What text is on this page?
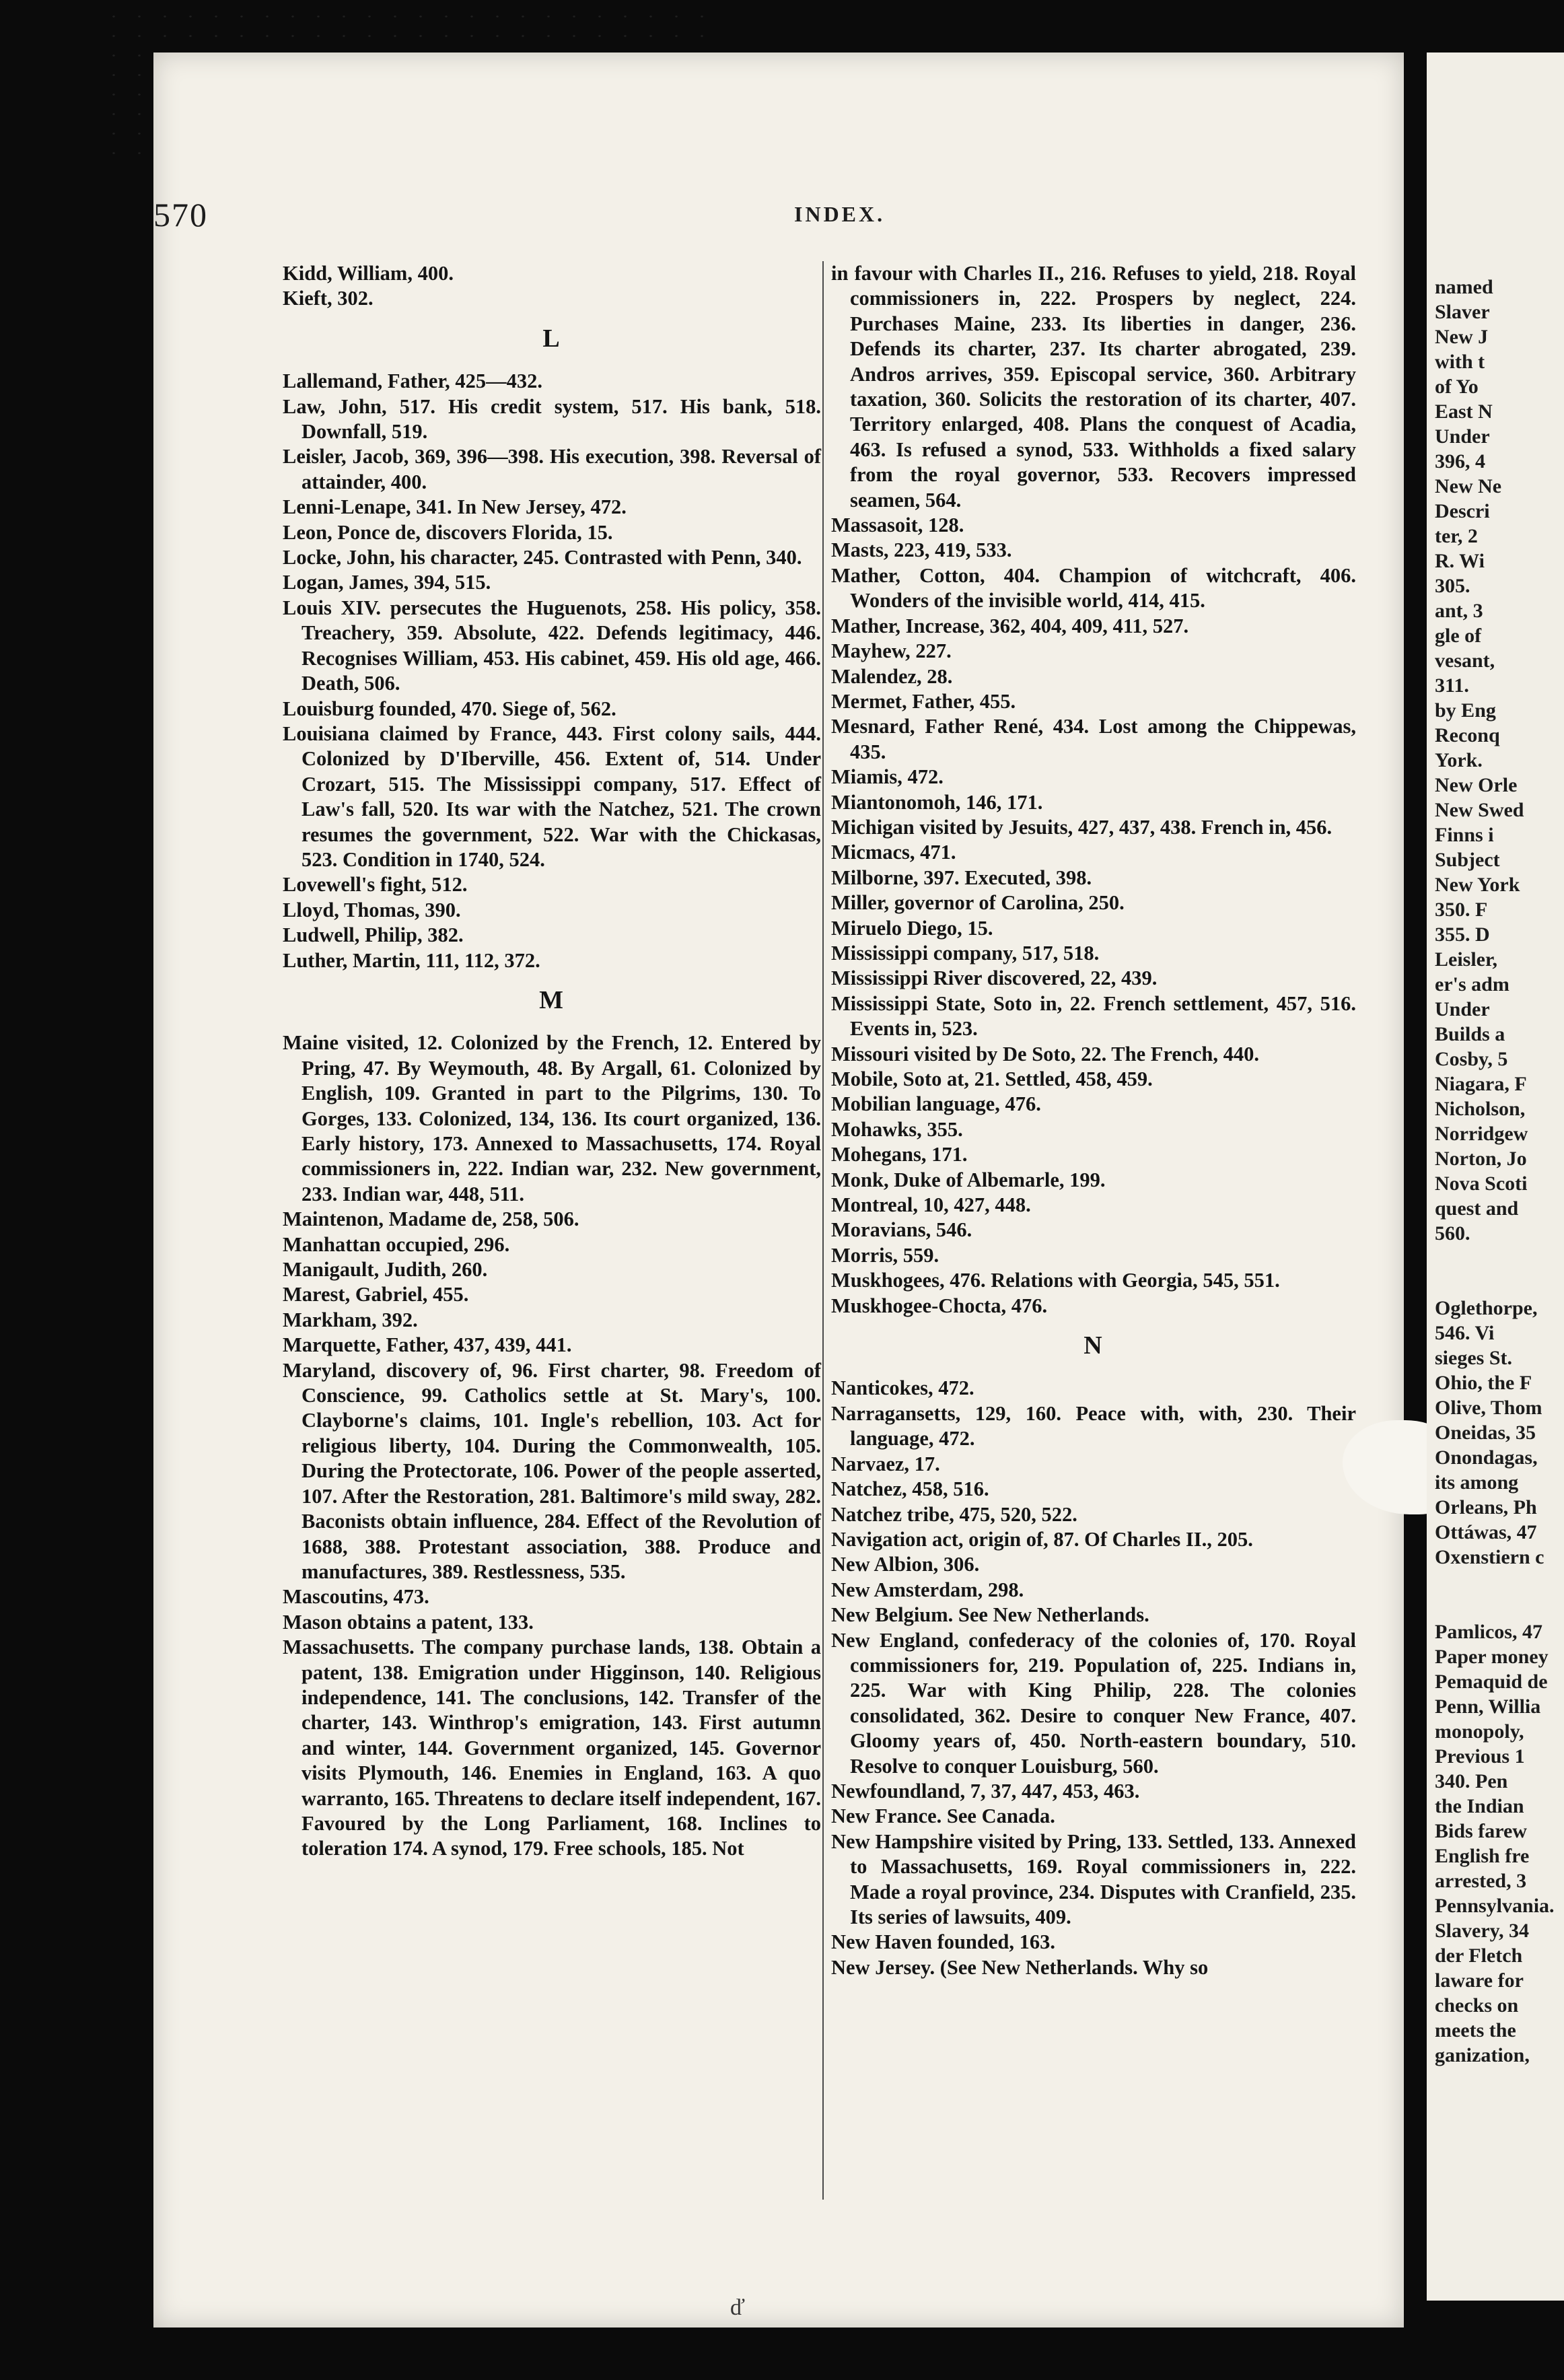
570	INDEX.

Kidd, William, 400.

Kieft, 302.

L

Lallemand, Father, 425—432.

Law, John, 517. His credit system, 517. His bank, 518. Downfall, 519.

Leisler, Jacob, 369, 396—398. His execution, 398. Reversal of attainder, 400.

Lenni-Lenape, 341. In New Jersey, 472.

Leon, Ponce de, discovers Florida, 15.

Locke, John, his character, 245. Contrasted with Penn, 340.

Logan, James, 394, 515.

Louis XIV. persecutes the Huguenots, 258. His policy, 358. Treachery, 359. Absolute, 422. Defends legitimacy, 446. Recognises William, 453. His cabinet, 459. His old age, 466. Death, 506.

Louisburg founded, 470. Siege of, 562.

Louisiana claimed by France, 443. First colony sails, 444. Colonized by D'Iberville, 456. Extent of, 514. Under Crozart, 515. The Mississippi company, 517. Effect of Law's fall, 520. Its war with the Natchez, 521. The crown resumes the government, 522. War with the Chickasas, 523. Condition in 1740, 524.

Lovewell's fight, 512.

Lloyd, Thomas, 390.

Ludwell, Philip, 382.

Luther, Martin, 111, 112, 372.

M

Maine visited, 12. Colonized by the French, 12. Entered by Pring, 47. By Weymouth, 48. By Argall, 61. Colonized by English, 109. Granted in part to the Pilgrims, 130. To Gorges, 133. Colonized, 134, 136. Its court organized, 136. Early history, 173. Annexed to Massachusetts, 174. Royal commissioners in, 222. Indian war, 232. New government, 233. Indian war, 448, 511.

Maintenon, Madame de, 258, 506.

Manhattan occupied, 296.

Manigault, Judith, 260.

Marest, Gabriel, 455.

Markham, 392.

Marquette, Father, 437, 439, 441.

Maryland, discovery of, 96. First charter, 98. Freedom of Conscience, 99. Catholics settle at St. Mary's, 100. Clayborne's claims, 101. Ingle's rebellion, 103. Act for religious liberty, 104. During the Commonwealth, 105. During the Protectorate, 106. Power of the people asserted, 107. After the Restoration, 281. Baltimore's mild sway, 282. Baconists obtain influence, 284. Effect of the Revolution of 1688, 388. Protestant association, 388. Produce and manufactures, 389. Restlessness, 535.

Mascoutins, 473.

Mason obtains a patent, 133.

Massachusetts. The company purchase lands, 138. Obtain a patent, 138. Emigration under Higginson, 140. Religious independence, 141. The conclusions, 142. Transfer of the charter, 143. Winthrop's emigration, 143. First autumn and winter, 144. Government organized, 145. Governor visits Plymouth, 146. Enemies in England, 163. A quo warranto, 165. Threatens to declare itself independent, 167. Favoured by the Long Parliament, 168. Inclines to toleration 174. A synod, 179. Free schools, 185. Not

in favour with Charles II., 216. Refuses to yield, 218. Royal commissioners in, 222. Prospers by neglect, 224. Purchases Maine, 233. Its liberties in danger, 236. Defends its charter, 237. Its charter abrogated, 239. Andros arrives, 359. Episcopal service, 360. Arbitrary taxation, 360. Solicits the restoration of its charter, 407. Territory enlarged, 408. Plans the conquest of Acadia, 463. Is refused a synod, 533. Withholds a fixed salary from the royal governor, 533. Recovers impressed seamen, 564.

Massasoit, 128.

Masts, 223, 419, 533.

Mather, Cotton, 404. Champion of witchcraft, 406. Wonders of the invisible world, 414, 415.

Mather, Increase, 362, 404, 409, 411, 527.

Mayhew, 227.

Malendez, 28.

Mermet, Father, 455.

Mesnard, Father René, 434. Lost among the Chippewas, 435.

Miamis, 472.

Miantonomoh, 146, 171.

Michigan visited by Jesuits, 427, 437, 438. French in, 456.

Micmacs, 471.

Milborne, 397. Executed, 398.

Miller, governor of Carolina, 250.

Miruelo Diego, 15.

Mississippi company, 517, 518.

Mississippi River discovered, 22, 439.

Mississippi State, Soto in, 22. French settlement, 457, 516. Events in, 523.

Missouri visited by De Soto, 22. The French, 440.

Mobile, Soto at, 21. Settled, 458, 459.

Mobilian language, 476.

Mohawks, 355.

Mohegans, 171.

Monk, Duke of Albemarle, 199.

Montreal, 10, 427, 448.

Moravians, 546.

Morris, 559.

Muskhogees, 476. Relations with Georgia, 545, 551.

Muskhogee-Chocta, 476.

N

Nanticokes, 472.

Narragansetts, 129, 160. Peace with, with, 230. Their language, 472.

Narvaez, 17.

Natchez, 458, 516.

Natchez tribe, 475, 520, 522.

Navigation act, origin of, 87. Of Charles II., 205.

New Albion, 306.

New Amsterdam, 298.

New Belgium. See New Netherlands.

New England, confederacy of the colonies of, 170. Royal commissioners for, 219. Population of, 225. Indians in, 225. War with King Philip, 228. The colonies consolidated, 362. Desire to conquer New France, 407. Gloomy years of, 450. North-eastern boundary, 510. Resolve to conquer Louisburg, 560.

Newfoundland, 7, 37, 447, 453, 463.

New France. See Canada.

New Hampshire visited by Pring, 133. Settled, 133. Annexed to Massachusetts, 169. Royal commissioners in, 222. Made a royal province, 234. Disputes with Cranfield, 235. Its series of lawsuits, 409.

New Haven founded, 163.

New Jersey. (See New Netherlands. Why so

named
Slaver
New J
with t
of Yo
East N
Under
396, 4
New Ne
Descri
ter, 2
R. Wi
305.
ant, 3
gle of
vesant,
311.
by Eng
Reconq
York.
New Orle
New Swed
Finns i
Subject
New York
350. F
355. D
Leisler,
er's adm
Under
Builds a
Cosby, 5
Niagara, F
Nicholson,
Norridgew
Norton, Jo
Nova Scoti
quest and
560.
Oglethorpe,
546. Vi
sieges St.
Ohio, the F
Olive, Thom
Oneidas, 35
Onondagas,
its among
Orleans, Ph
Ottáwas, 47
Oxenstiern c
Pamlicos, 47
Paper money
Pemaquid de
Penn, Willia
monopoly,
Previous 1
340. Pen
the Indian
Bids farew
English fre
arrested, 3
Pennsylvania.
Slavery, 34
der Fletch
laware for
checks on
meets the
ganization,
ď
